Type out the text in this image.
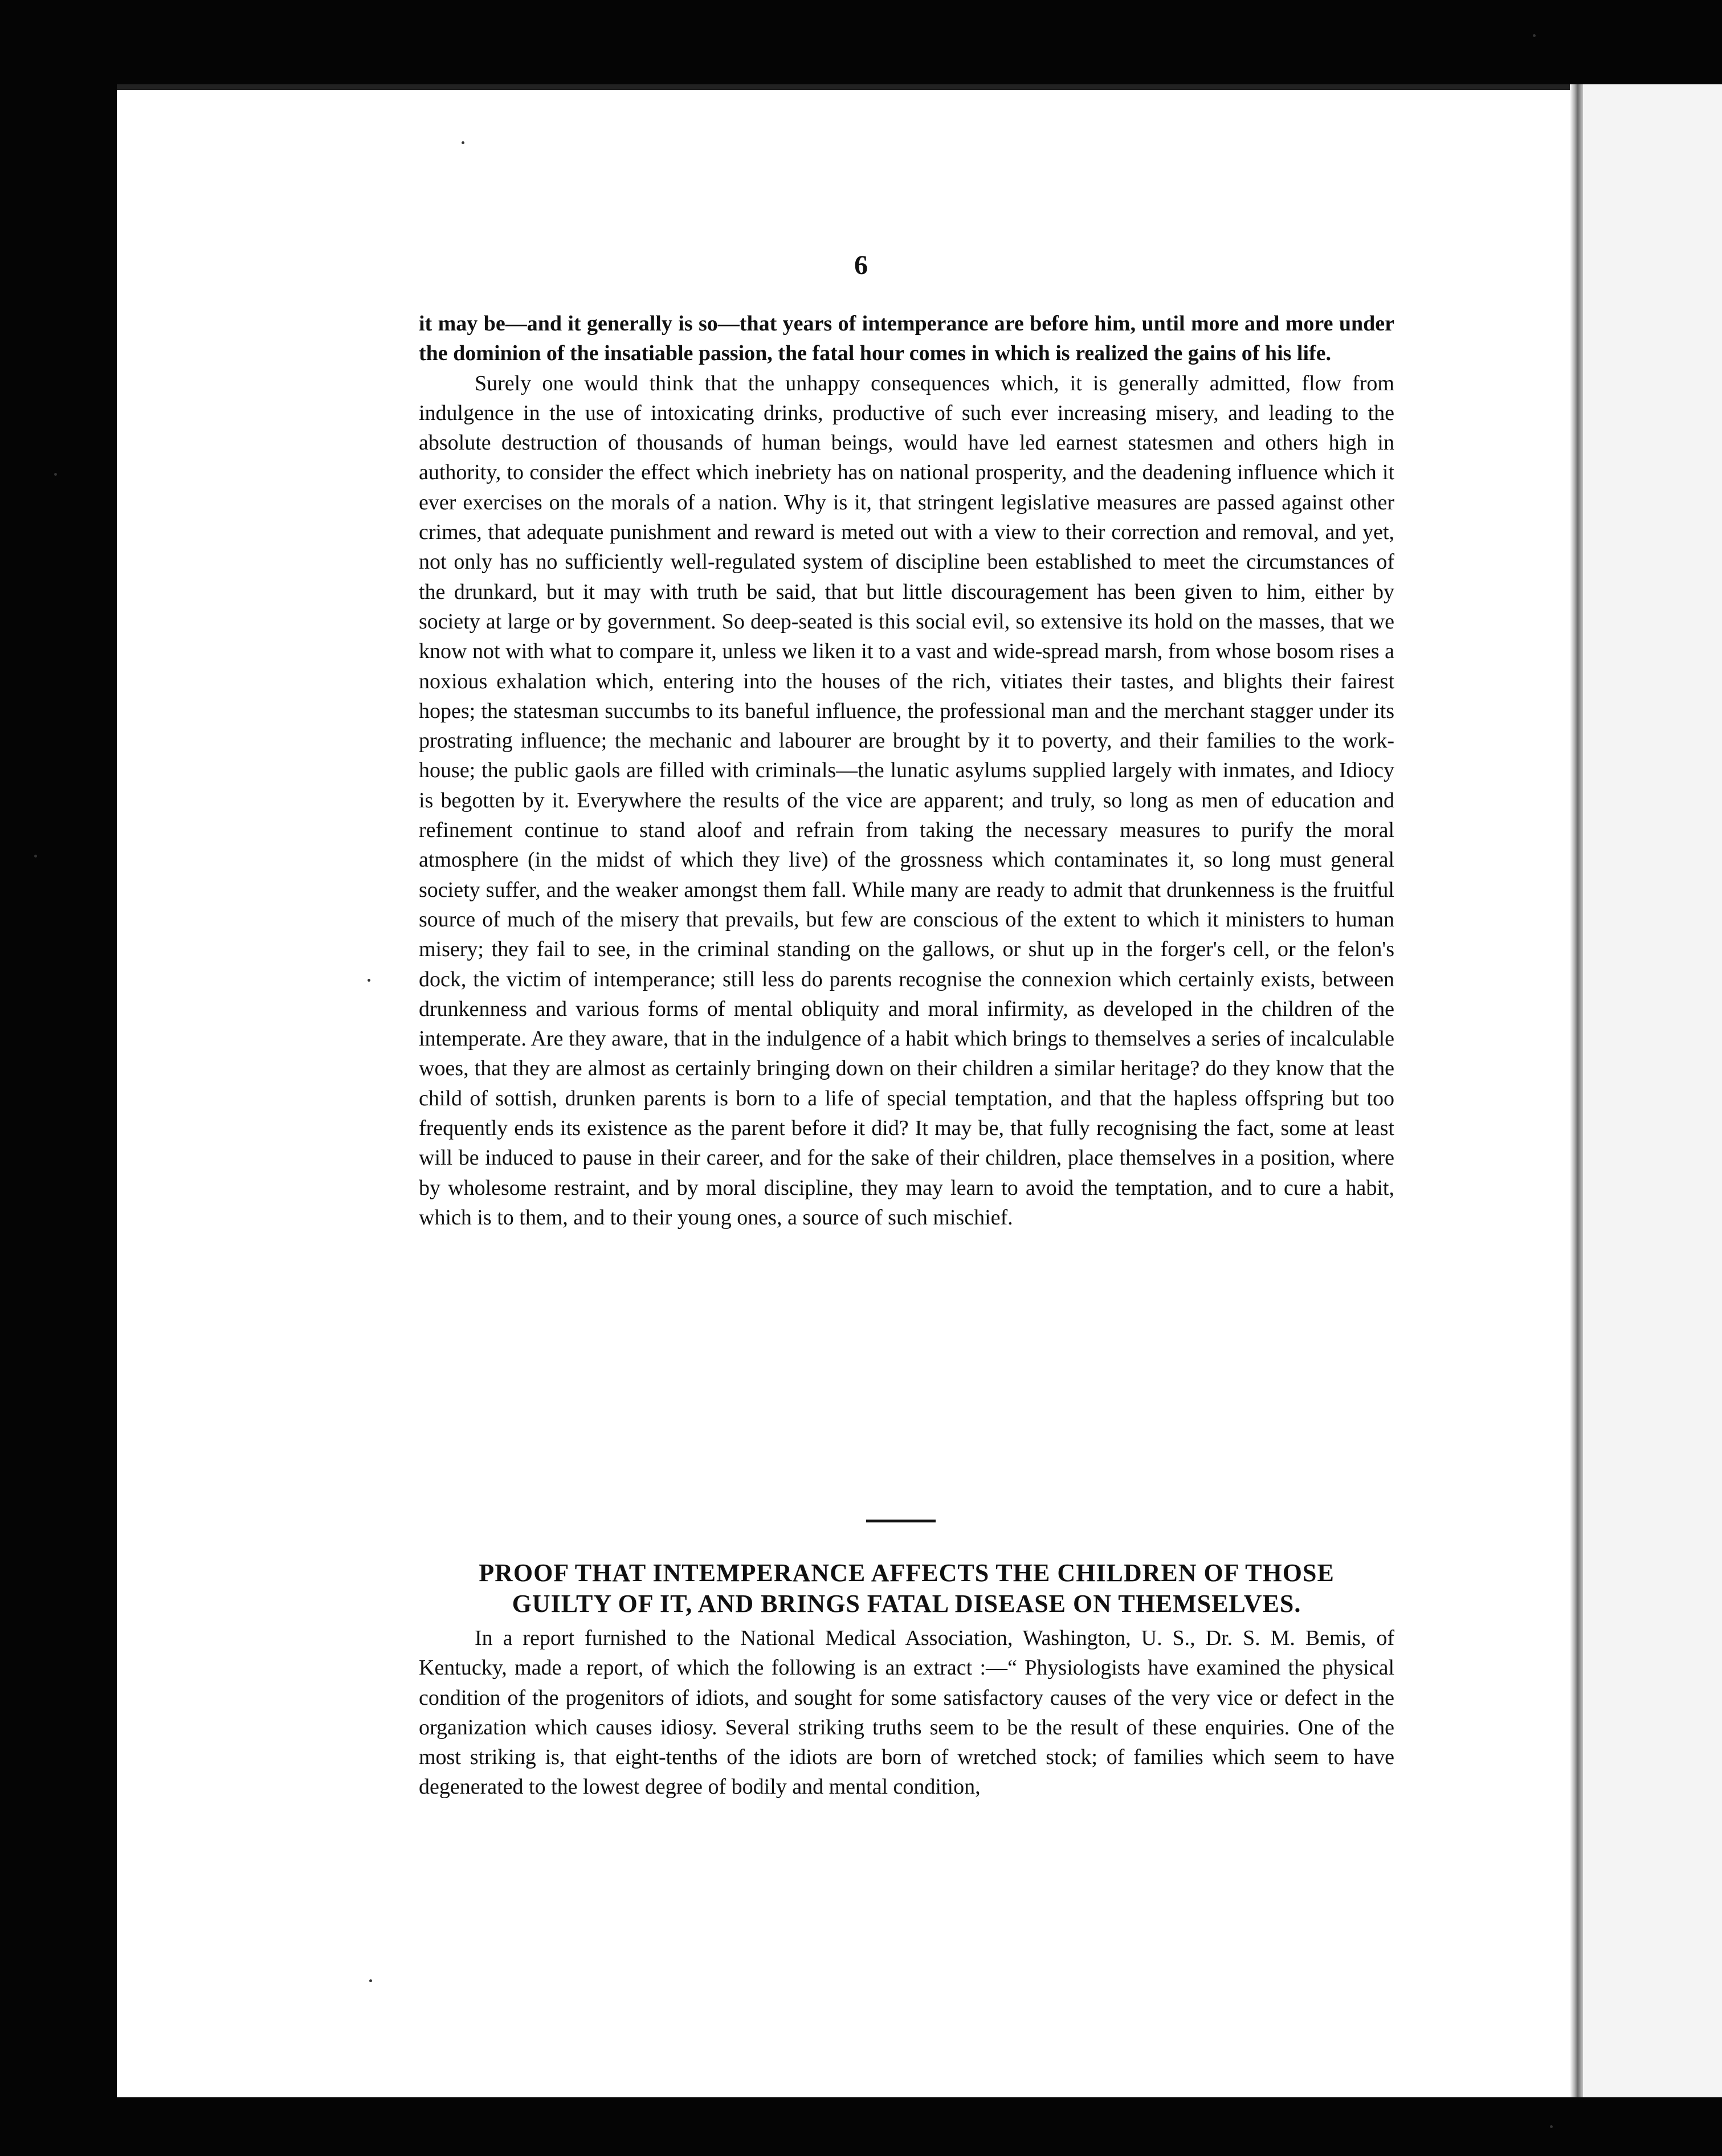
6

it may be—and it generally is so—that years of intemperance are before him, until more and more under the dominion of the insatiable passion, the fatal hour comes in which is realized the gains of his life.

Surely one would think that the unhappy consequences which, it is generally admitted, flow from indulgence in the use of intoxicating drinks, productive of such ever increasing misery, and leading to the absolute destruction of thousands of human beings, would have led earnest statesmen and others high in authority, to consider the effect which inebriety has on national prosperity, and the deadening influence which it ever exercises on the morals of a nation. Why is it, that stringent legislative measures are passed against other crimes, that adequate punishment and reward is meted out with a view to their correction and removal, and yet, not only has no sufficiently well-regulated system of discipline been established to meet the circumstances of the drunkard, but it may with truth be said, that but little discouragement has been given to him, either by society at large or by government. So deep-seated is this social evil, so extensive its hold on the masses, that we know not with what to compare it, unless we liken it to a vast and wide-spread marsh, from whose bosom rises a noxious exhalation which, entering into the houses of the rich, vitiates their tastes, and blights their fairest hopes; the statesman succumbs to its baneful influence, the professional man and the merchant stagger under its prostrating influence; the mechanic and labourer are brought by it to poverty, and their families to the work-house; the public gaols are filled with criminals—the lunatic asylums supplied largely with inmates, and Idiocy is begotten by it. Everywhere the results of the vice are apparent; and truly, so long as men of education and refinement continue to stand aloof and refrain from taking the necessary measures to purify the moral atmosphere (in the midst of which they live) of the grossness which contaminates it, so long must general society suffer, and the weaker amongst them fall. While many are ready to admit that drunkenness is the fruitful source of much of the misery that prevails, but few are conscious of the extent to which it ministers to human misery; they fail to see, in the criminal standing on the gallows, or shut up in the forger's cell, or the felon's dock, the victim of intemperance; still less do parents recognise the connexion which certainly exists, between drunkenness and various forms of mental obliquity and moral infirmity, as developed in the children of the intemperate. Are they aware, that in the indulgence of a habit which brings to themselves a series of incalculable woes, that they are almost as certainly bringing down on their children a similar heritage? do they know that the child of sottish, drunken parents is born to a life of special temptation, and that the hapless offspring but too frequently ends its existence as the parent before it did? It may be, that fully recognising the fact, some at least will be induced to pause in their career, and for the sake of their children, place themselves in a position, where by wholesome restraint, and by moral discipline, they may learn to avoid the temptation, and to cure a habit, which is to them, and to their young ones, a source of such mischief.

PROOF THAT INTEMPERANCE AFFECTS THE CHILDREN OF THOSE
GUILTY OF IT, AND BRINGS FATAL DISEASE ON THEMSELVES.

In a report furnished to the National Medical Association, Washington, U. S., Dr. S. M. Bemis, of Kentucky, made a report, of which the following is an extract :—“ Physiologists have examined the physical condition of the progenitors of idiots, and sought for some satisfactory causes of the very vice or defect in the organization which causes idiosy. Several striking truths seem to be the result of these enquiries. One of the most striking is, that eight-tenths of the idiots are born of wretched stock; of families which seem to have degenerated to the lowest degree of bodily and mental condition,
